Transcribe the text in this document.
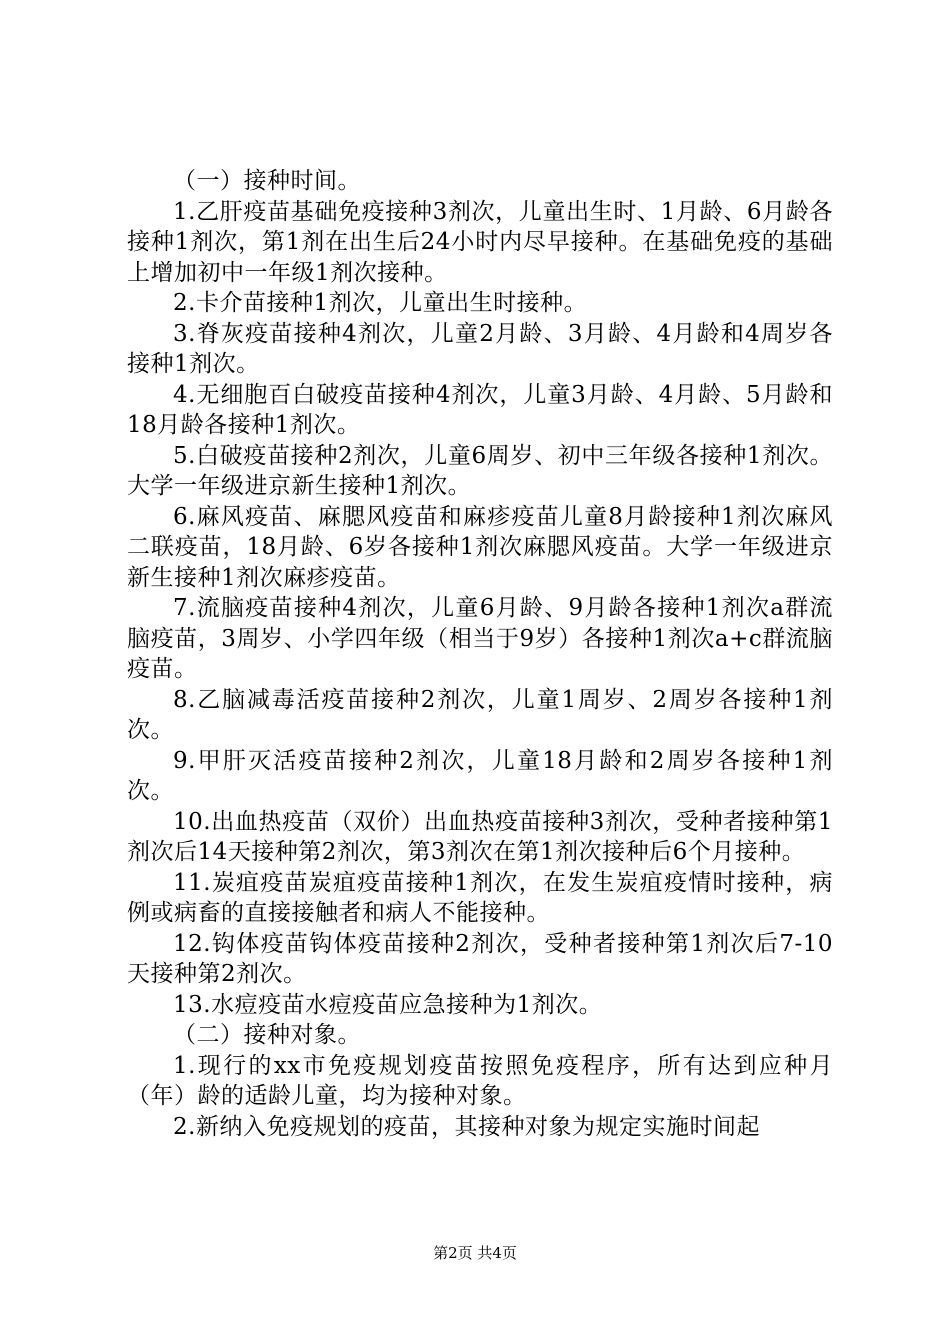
（一）接种时间。

1.乙肝疫苗基础免疫接种3剂次，儿童出生时、1月龄、6月龄各接种1剂次，第1剂在出生后24小时内尽早接种。在基础免疫的基础上增加初中一年级1剂次接种。

2.卡介苗接种1剂次，儿童出生时接种。

3.脊灰疫苗接种4剂次，儿童2月龄、3月龄、4月龄和4周岁各接种1剂次。

4.无细胞百白破疫苗接种4剂次，儿童3月龄、4月龄、5月龄和18月龄各接种1剂次。

5.白破疫苗接种2剂次，儿童6周岁、初中三年级各接种1剂次。大学一年级进京新生接种1剂次。

6.麻风疫苗、麻腮风疫苗和麻疹疫苗儿童8月龄接种1剂次麻风二联疫苗，18月龄、6岁各接种1剂次麻腮风疫苗。大学一年级进京新生接种1剂次麻疹疫苗。

7.流脑疫苗接种4剂次，儿童6月龄、9月龄各接种1剂次a群流脑疫苗，3周岁、小学四年级（相当于9岁）各接种1剂次a+c群流脑疫苗。

8.乙脑减毒活疫苗接种2剂次，儿童1周岁、2周岁各接种1剂次。

9.甲肝灭活疫苗接种2剂次，儿童18月龄和2周岁各接种1剂次。

10.出血热疫苗（双价）出血热疫苗接种3剂次，受种者接种第1剂次后14天接种第2剂次，第3剂次在第1剂次接种后6个月接种。

11.炭疽疫苗炭疽疫苗接种1剂次，在发生炭疽疫情时接种，病例或病畜的直接接触者和病人不能接种。

12.钩体疫苗钩体疫苗接种2剂次，受种者接种第1剂次后7-10天接种第2剂次。

13.水痘疫苗水痘疫苗应急接种为1剂次。

（二）接种对象。

1.现行的xx市免疫规划疫苗按照免疫程序，所有达到应种月（年）龄的适龄儿童，均为接种对象。

2.新纳入免疫规划的疫苗，其接种对象为规定实施时间起

第2页 共4页
